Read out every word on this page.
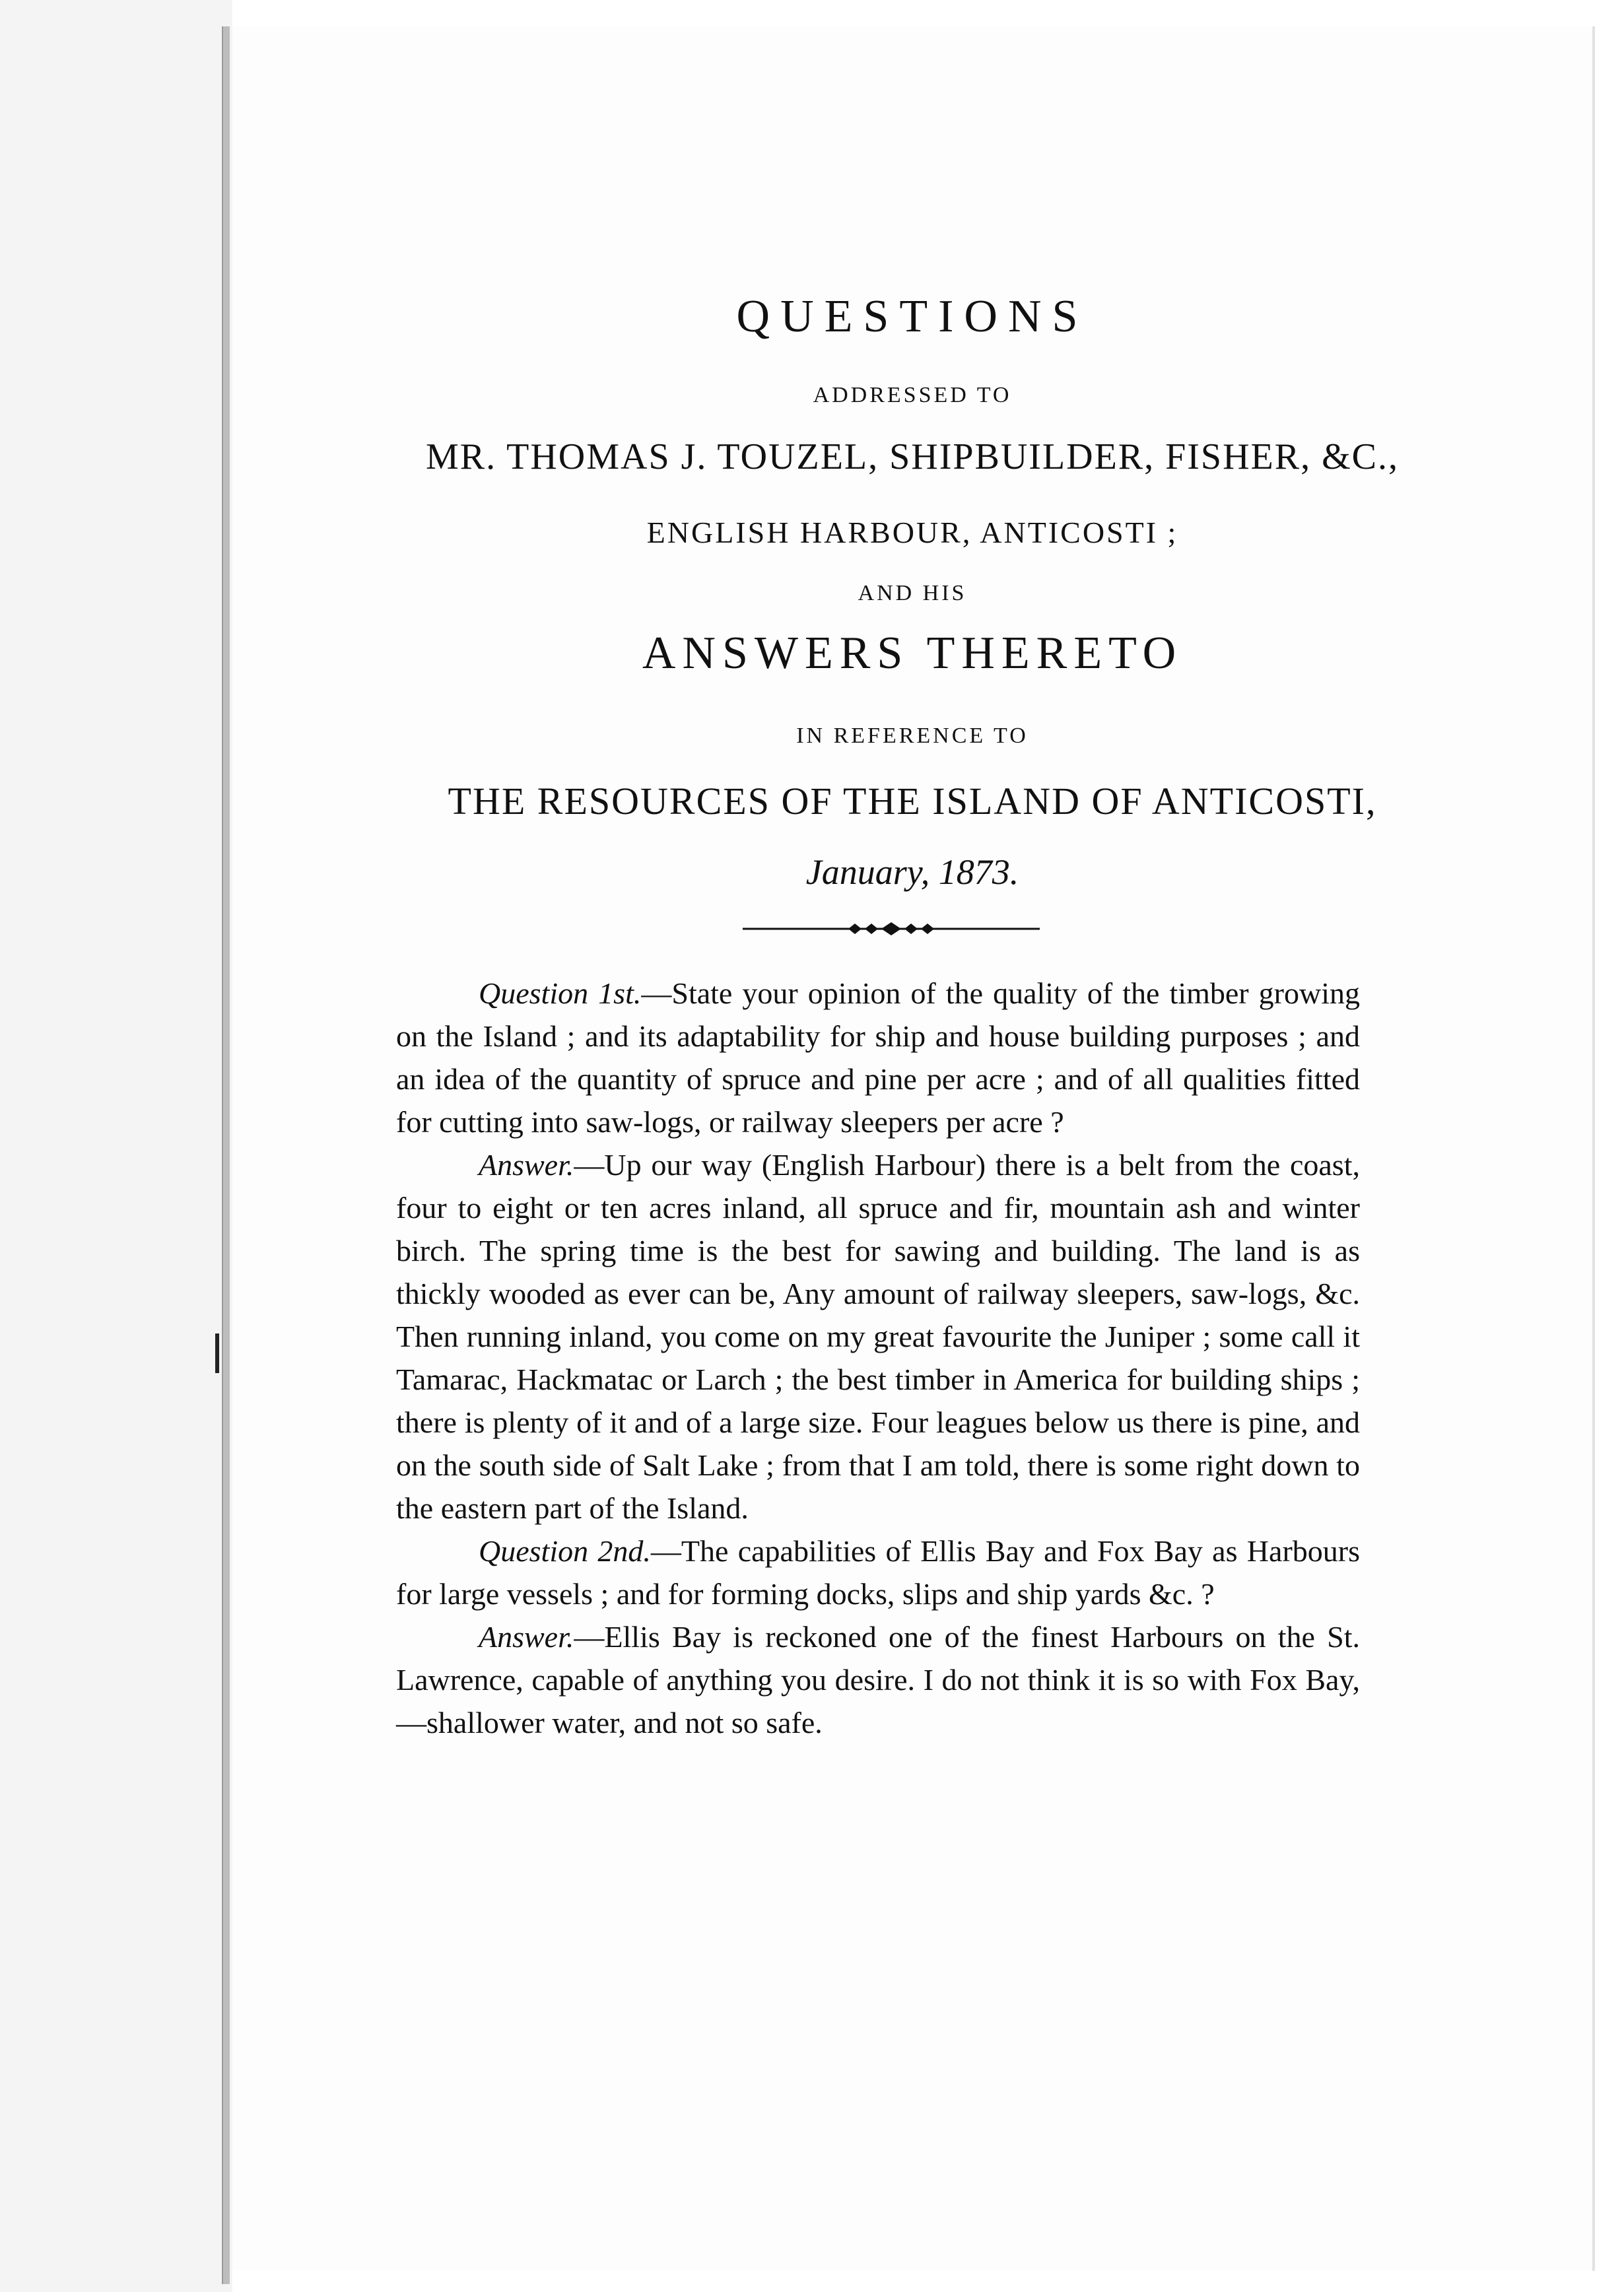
QUESTIONS
ADDRESSED TO
MR. THOMAS J. TOUZEL, SHIPBUILDER, FISHER, &C.,
ENGLISH HARBOUR, ANTICOSTI ;
AND HIS
ANSWERS THERETO
IN REFERENCE TO
THE RESOURCES OF THE ISLAND OF ANTICOSTI,
January, 1873.

Question 1st.—State your opinion of the quality of the timber growing on the Island ; and its adaptability for ship and house building purposes ; and an idea of the quantity of spruce and pine per acre ; and of all qualities fitted for cutting into saw-logs, or railway sleepers per acre ?

Answer.—Up our way (English Harbour) there is a belt from the coast, four to eight or ten acres inland, all spruce and fir, mountain ash and winter birch. The spring time is the best for sawing and building. The land is as thickly wooded as ever can be, Any amount of railway sleepers, saw-logs, &c. Then running inland, you come on my great favourite the Juniper ; some call it Tamarac, Hackmatac or Larch ; the best timber in America for building ships ; there is plenty of it and of a large size. Four leagues below us there is pine, and on the south side of Salt Lake ; from that I am told, there is some right down to the eastern part of the Island.

Question 2nd.—The capabilities of Ellis Bay and Fox Bay as Harbours for large vessels ; and for forming docks, slips and ship yards &c. ?

Answer.—Ellis Bay is reckoned one of the finest Harbours on the St. Lawrence, capable of anything you desire. I do not think it is so with Fox Bay,—shallower water, and not so safe.
